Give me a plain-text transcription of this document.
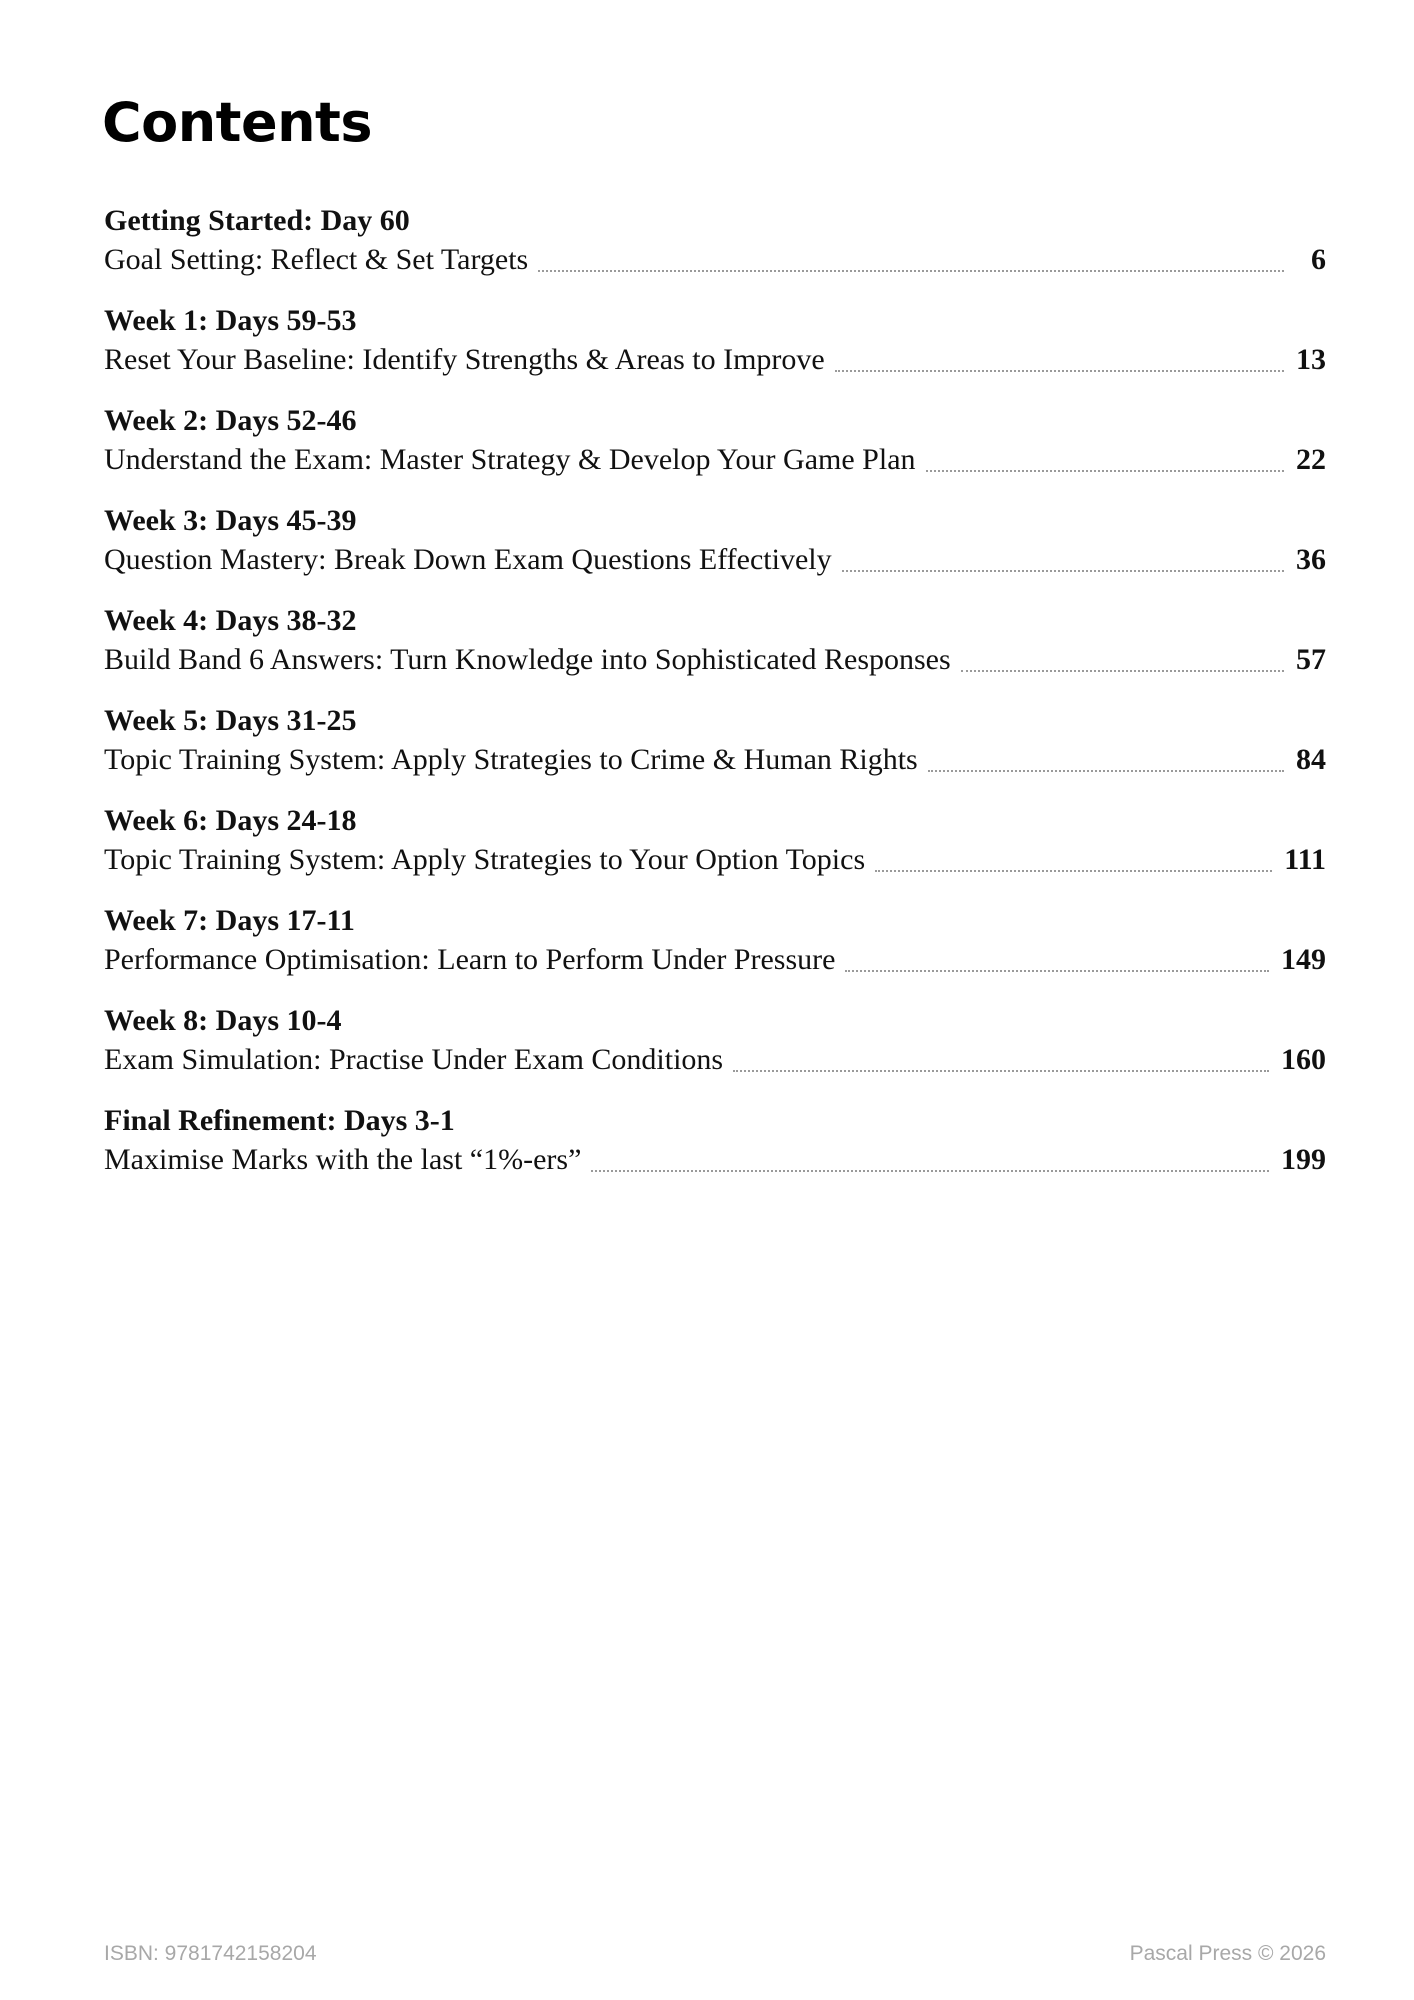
Contents
Getting Started: Day 60
Goal Setting: Reflect & Set Targets	6
Week 1: Days 59-53
Reset Your Baseline: Identify Strengths & Areas to Improve	13
Week 2: Days 52-46
Understand the Exam: Master Strategy & Develop Your Game Plan	22
Week 3: Days 45-39
Question Mastery: Break Down Exam Questions Effectively	36
Week 4: Days 38-32
Build Band 6 Answers: Turn Knowledge into Sophisticated Responses	57
Week 5: Days 31-25
Topic Training System: Apply Strategies to Crime & Human Rights	84
Week 6: Days 24-18
Topic Training System: Apply Strategies to Your Option Topics	111
Week 7: Days 17-11
Performance Optimisation: Learn to Perform Under Pressure	149
Week 8: Days 10-4
Exam Simulation: Practise Under Exam Conditions	160
Final Refinement: Days 3-1
Maximise Marks with the last “1%-ers”	199
ISBN: 9781742158204	Pascal Press © 2026
